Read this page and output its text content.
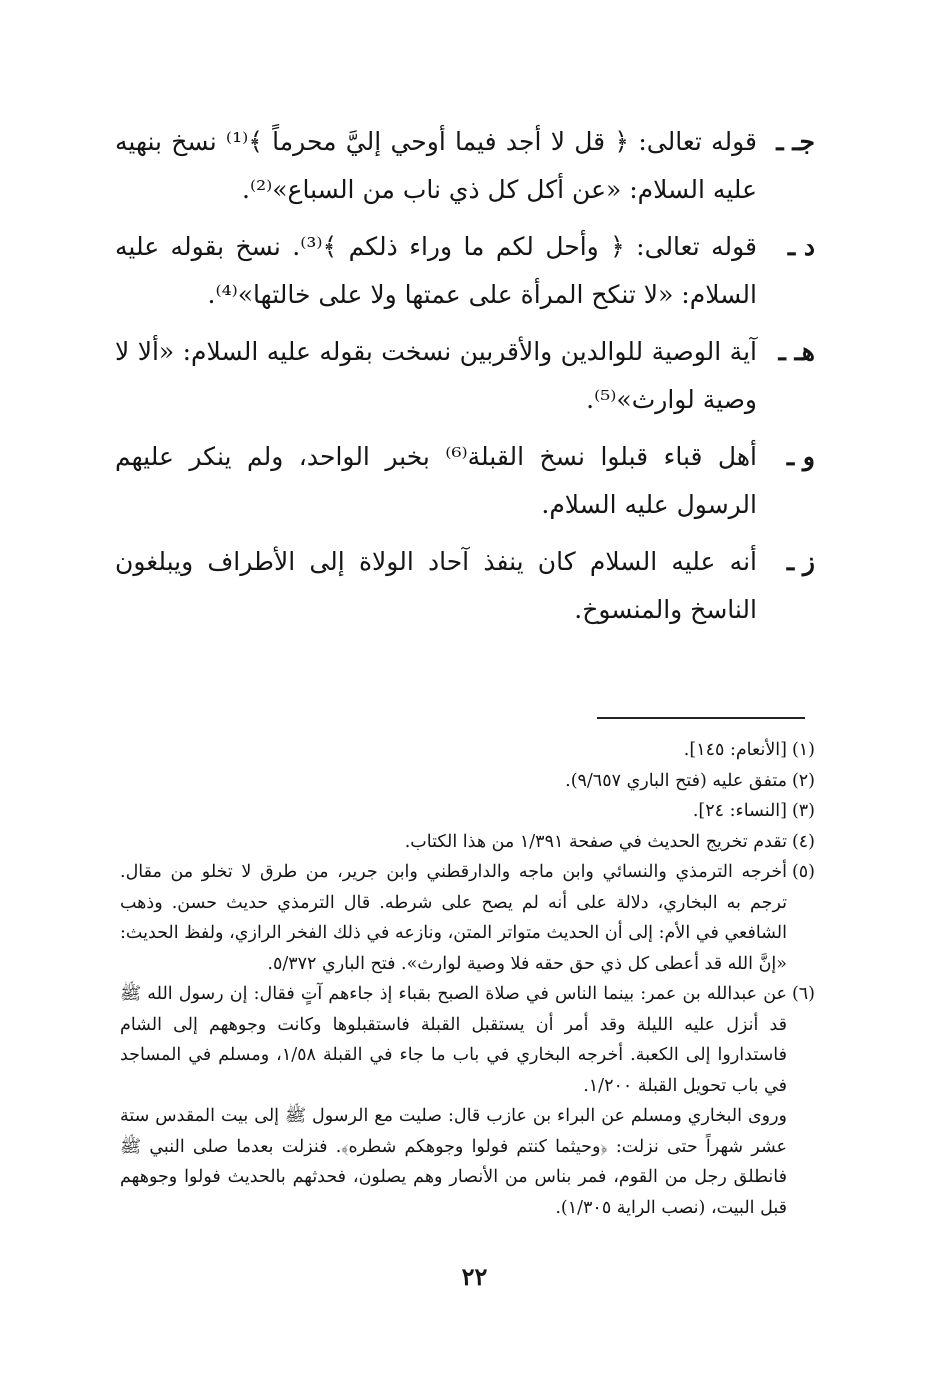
جـ ـ
قوله تعالى: ﴿ قل لا أجد فيما أوحي إليَّ محرماً ﴾⁽¹⁾ نسخ بنهيه عليه السلام: «عن أكل كل ذي ناب من السباع»⁽²⁾.
د ـ
قوله تعالى: ﴿ وأحل لكم ما وراء ذلكم ﴾⁽³⁾. نسخ بقوله عليه السلام: «لا تنكح المرأة على عمتها ولا على خالتها»⁽⁴⁾.
هـ ـ
آية الوصية للوالدين والأقربين نسخت بقوله عليه السلام: «ألا لا وصية لوارث»⁽⁵⁾.
و ـ
أهل قباء قبلوا نسخ القبلة⁽⁶⁾ بخبر الواحد، ولم ينكر عليهم الرسول عليه السلام.
ز ـ
أنه عليه السلام كان ينفذ آحاد الولاة إلى الأطراف ويبلغون الناسخ والمنسوخ.
(١)
[الأنعام: ١٤٥].
(٢)
متفق عليه (فتح الباري ٩/٦٥٧).
(٣)
[النساء: ٢٤].
(٤)
تقدم تخريج الحديث في صفحة ١/٣٩١ من هذا الكتاب.
(٥)
أخرجه الترمذي والنسائي وابن ماجه والدارقطني وابن جرير، من طرق لا تخلو من مقال. ترجم به البخاري، دلالة على أنه لم يصح على شرطه. قال الترمذي حديث حسن. وذهب الشافعي في الأم: إلى أن الحديث متواتر المتن، ونازعه في ذلك الفخر الرازي، ولفظ الحديث: «إنَّ الله قد أعطى كل ذي حق حقه فلا وصية لوارث». فتح الباري ٥/٣٧٢.
(٦)
عن عبدالله بن عمر: بينما الناس في صلاة الصبح بقباء إذ جاءهم آتٍ فقال: إن رسول الله ﷺ قد أنزل عليه الليلة وقد أمر أن يستقبل القبلة فاستقبلوها وكانت وجوههم إلى الشام فاستداروا إلى الكعبة. أخرجه البخاري في باب ما جاء في القبلة ١/٥٨، ومسلم في المساجد في باب تحويل القبلة ١/٢٠٠.
وروى البخاري ومسلم عن البراء بن عازب قال: صليت مع الرسول ﷺ إلى بيت المقدس ستة عشر شهراً حتى نزلت: ﴿وحيثما كنتم فولوا وجوهكم شطره﴾. فنزلت بعدما صلى النبي ﷺ فانطلق رجل من القوم، فمر بناس من الأنصار وهم يصلون، فحدثهم بالحديث فولوا وجوههم قبل البيت، (نصب الراية ١/٣٠٥).
٢٢
